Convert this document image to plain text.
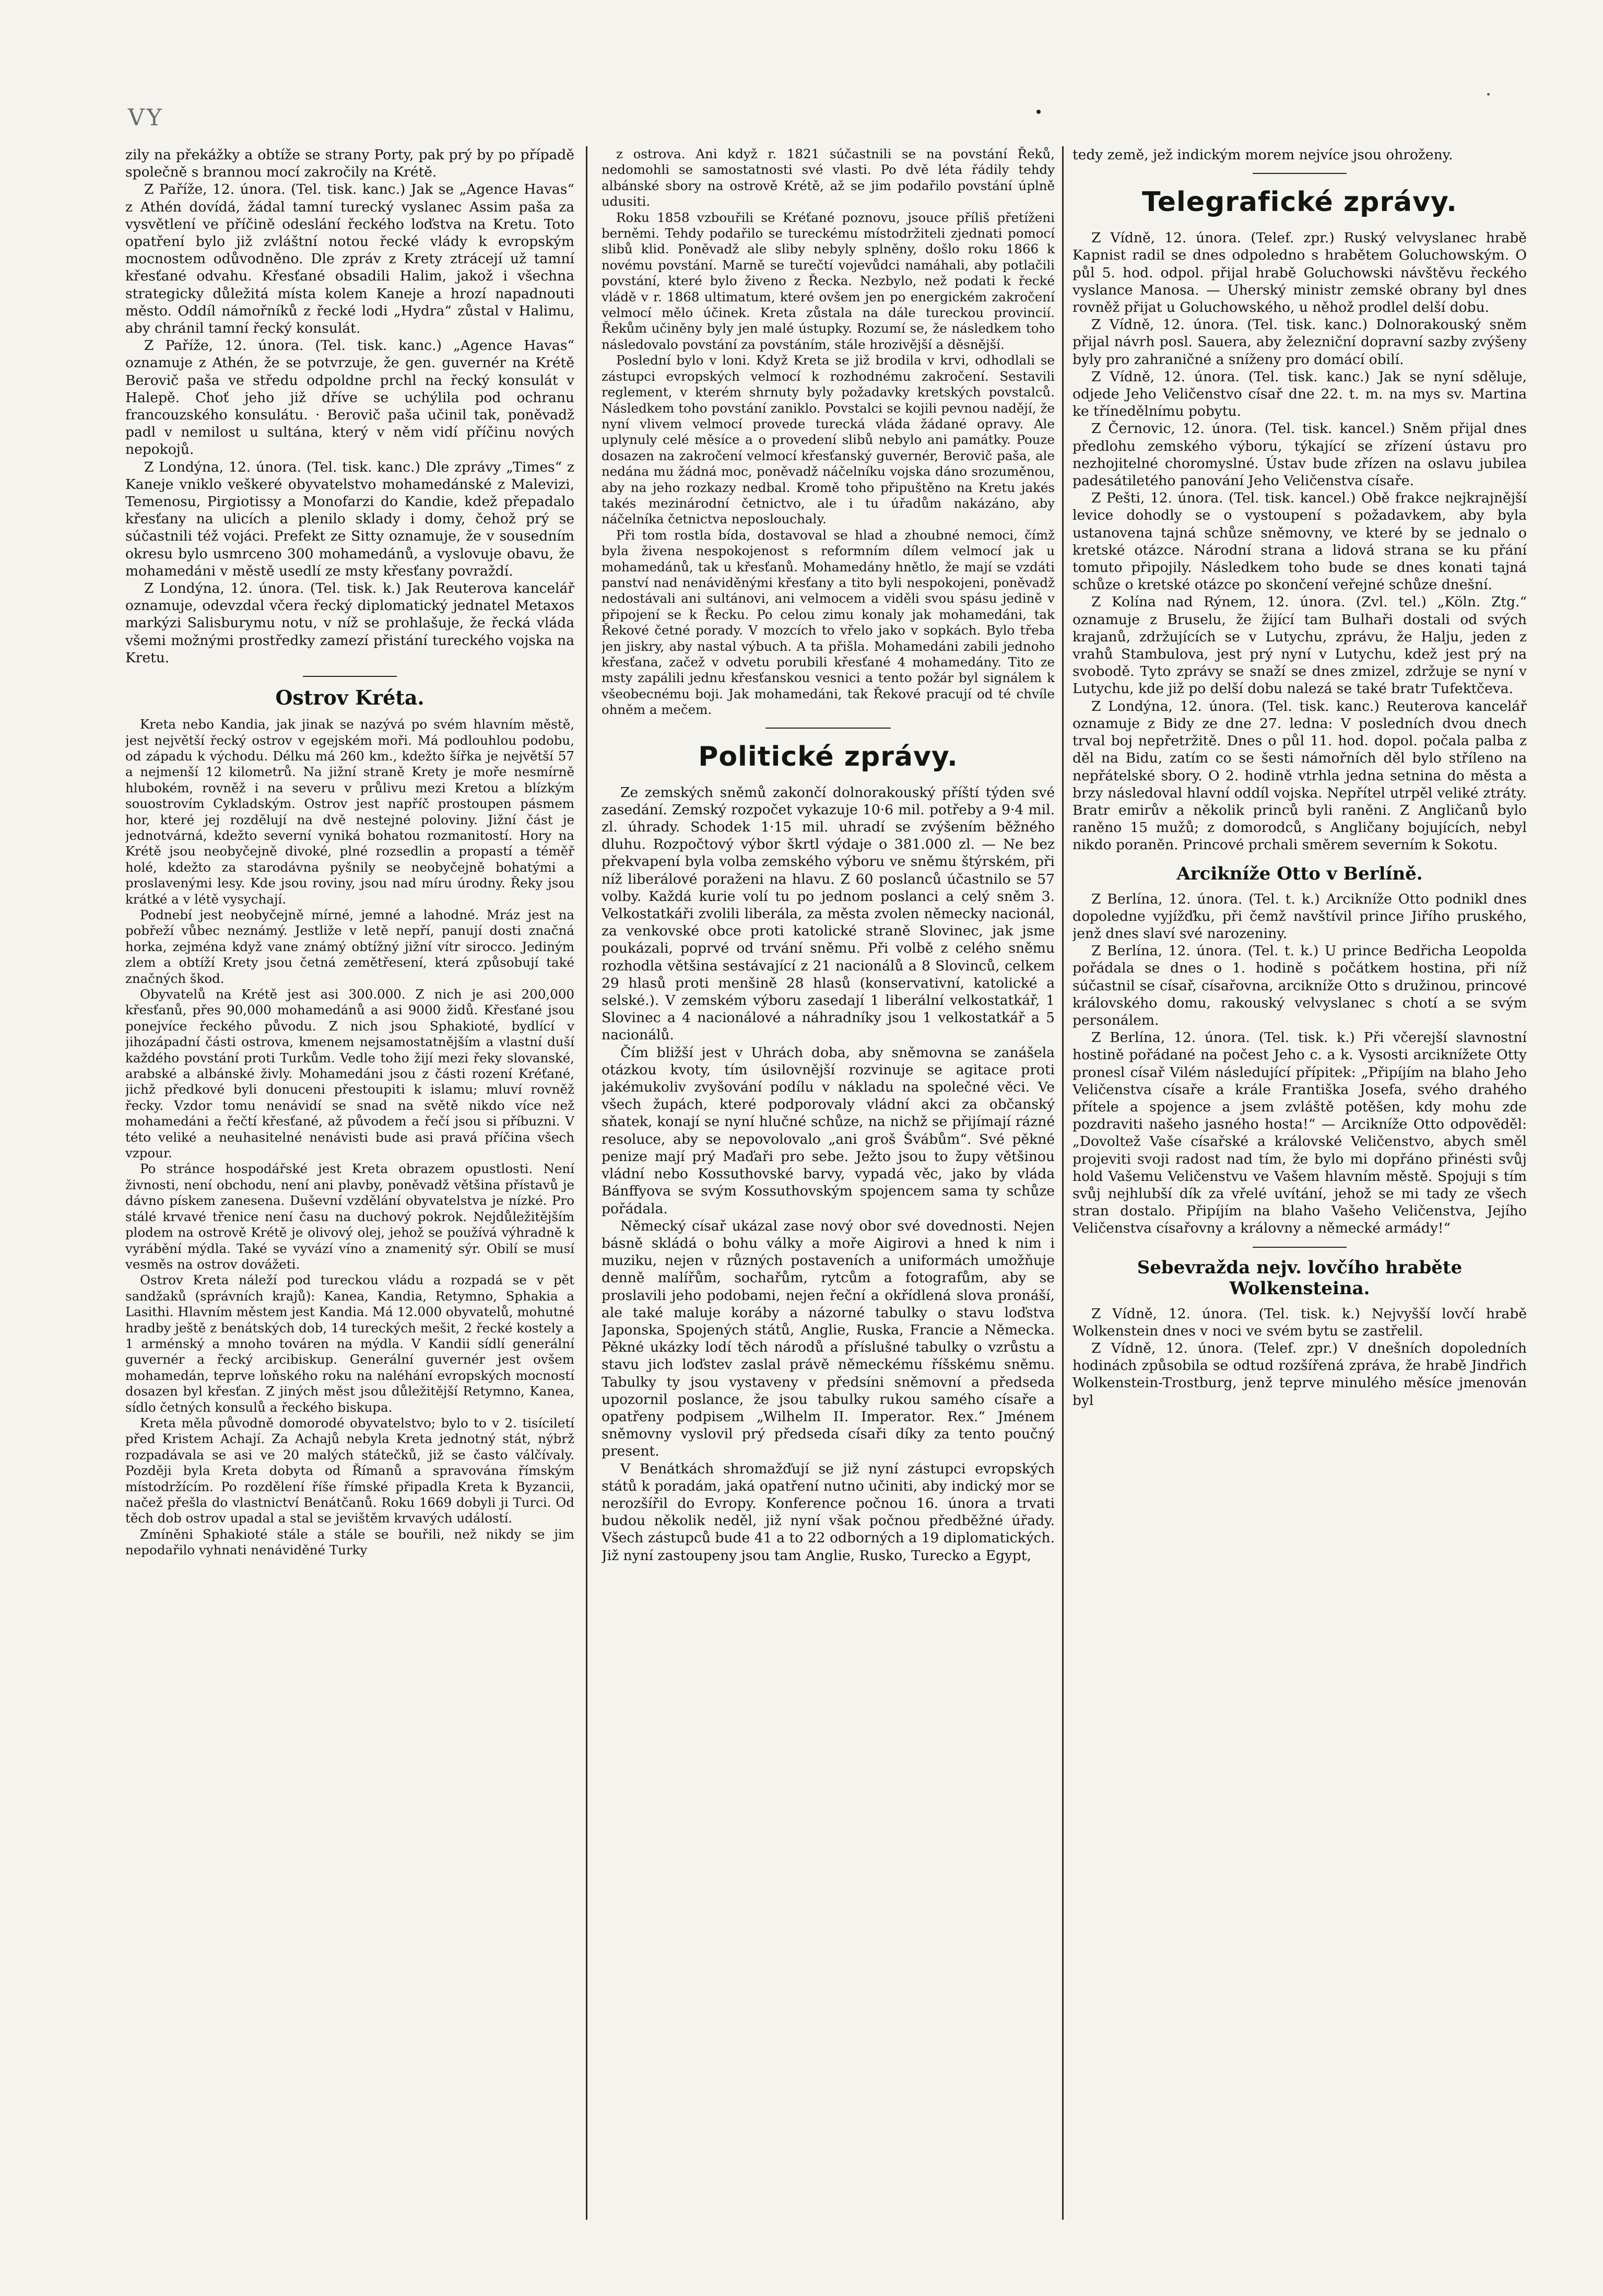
VY

zily na překážky a obtíže se strany Porty, pak prý by po případě společně s brannou mocí zakročily na Krétě.

Z Paříže, 12. února. (Tel. tisk. kanc.) Jak se „Agence Havas“ z Athén dovídá, žádal tamní turecký vyslanec Assim paša za vysvětlení ve příčině odeslání řeckého loďstva na Kretu. Toto opatření bylo již zvláštní notou řecké vlády k evropským mocnostem odůvodněno. Dle zpráv z Krety ztrácejí už tamní křesťané odvahu. Křesťané obsadili Halim, jakož i všechna strategicky důležitá místa kolem Kaneje a hrozí napadnouti město. Oddíl námořníků z řecké lodi „Hydra“ zůstal v Halimu, aby chránil tamní řecký konsulát.

Z Paříže, 12. února. (Tel. tisk. kanc.) „Agence Havas“ oznamuje z Athén, že se potvrzuje, že gen. guvernér na Krétě Berovič paša ve středu odpoldne prchl na řecký konsulát v Halepě. Choť jeho již dříve se uchýlila pod ochranu francouzského konsulátu. · Berovič paša učinil tak, poněvadž padl v nemilost u sultána, který v něm vidí příčinu nových nepokojů.

Z Londýna, 12. února. (Tel. tisk. kanc.) Dle zprávy „Times“ z Kaneje vniklo veškeré obyvatelstvo mohamedánské z Malevizi, Temenosu, Pirgiotissy a Monofarzi do Kandie, kdež přepadalo křesťany na ulicích a plenilo sklady i domy, čehož prý se súčastnili též vojáci. Prefekt ze Sitty oznamuje, že v sousedním okresu bylo usmrceno 300 mohamedánů, a vyslovuje obavu, že mohamedáni v městě usedlí ze msty křesťany povraždí.

Z Londýna, 12. února. (Tel. tisk. k.) Jak Reuterova kancelář oznamuje, odevzdal včera řecký diplomatický jednatel Metaxos markýzi Salisburymu notu, v níž se prohlašuje, že řecká vláda všemi možnými prostředky zamezí přistání tureckého vojska na Kretu.

Ostrov Kréta.

Kreta nebo Kandia, jak jinak se nazývá po svém hlavním městě, jest největší řecký ostrov v egejském moři. Má podlouhlou podobu, od západu k východu. Délku má 260 km., kdežto šířka je největší 57 a nejmenší 12 kilometrů. Na jižní straně Krety je moře nesmírně hlubokém, rovněž i na severu v průlivu mezi Kretou a blízkým souostrovím Cykladským. Ostrov jest napříč prostoupen pásmem hor, které jej rozdělují na dvě nestejné poloviny. Jižní část je jednotvárná, kdežto severní vyniká bohatou rozmanitostí. Hory na Krétě jsou neobyčejně divoké, plné rozsedlin a propastí a téměř holé, kdežto za starodávna pyšnily se neobyčejně bohatými a proslavenými lesy. Kde jsou roviny, jsou nad míru úrodny. Řeky jsou krátké a v létě vysychají.

Podnebí jest neobyčejně mírné, jemné a lahodné. Mráz jest na pobřeží vůbec neznámý. Jestliže v letě nepří, panují dosti značná horka, zejména když vane známý obtížný jižní vítr sirocco. Jediným zlem a obtíží Krety jsou četná zemětřesení, která způsobují také značných škod.

Obyvatelů na Krétě jest asi 300.000. Z nich je asi 200,000 křesťanů, přes 90,000 mohamedánů a asi 9000 židů. Křesťané jsou ponejvíce řeckého původu. Z nich jsou Sphakioté, bydlící v jihozápadní části ostrova, kmenem nejsamostatnějším a vlastní duší každého povstání proti Turkům. Vedle toho žijí mezi řeky slovanské, arabské a albánské živly. Mohamedáni jsou z části rození Kréťané, jichž předkové byli donuceni přestoupiti k islamu; mluví rovněž řecky. Vzdor tomu nenávidí se snad na světě nikdo více než mohamedáni a řečtí křesťané, až původem a řečí jsou si příbuzni. V této veliké a neuhasitelné nenávisti bude asi pravá příčina všech vzpour.

Po stránce hospodářské jest Kreta obrazem opustlosti. Není živnosti, není obchodu, není ani plavby, poněvadž většina přístavů je dávno pískem zanesena. Duševní vzdělání obyvatelstva je nízké. Pro stálé krvavé třenice není času na duchový pokrok. Nejdůležitějším plodem na ostrově Krétě je olivový olej, jehož se používá výhradně k vyrábění mýdla. Také se vyvází víno a znamenitý sýr. Obilí se musí vesměs na ostrov dovážeti.

Ostrov Kreta náleží pod tureckou vládu a rozpadá se v pět sandžaků (správních krajů): Kanea, Kandia, Retymno, Sphakia a Lasithi. Hlavním městem jest Kandia. Má 12.000 obyvatelů, mohutné hradby ještě z benátských dob, 14 tureckých mešit, 2 řecké kostely a 1 arménský a mnoho továren na mýdla. V Kandii sídlí generální guvernér a řecký arcibiskup. Generální guvernér jest ovšem mohamedán, teprve loňského roku na naléhání evropských mocností dosazen byl křesťan. Z jiných měst jsou důležitější Retymno, Kanea, sídlo četných konsulů a řeckého biskupa.

Kreta měla původně domorodé obyvatelstvo; bylo to v 2. tisíciletí před Kristem Achají. Za Achajů nebyla Kreta jednotný stát, nýbrž rozpadávala se asi ve 20 malých státečků, již se často válčívaly. Později byla Kreta dobyta od Římanů a spravována římským místodržícím. Po rozdělení říše římské připadla Kreta k Byzancii, načež přešla do vlastnictví Benátčanů. Roku 1669 dobyli ji Turci. Od těch dob ostrov upadal a stal se jevištěm krvavých událostí.

Zmíněni Sphakioté stále a stále se bouřili, než nikdy se jim nepodařilo vyhnati nenáviděné Turky

z ostrova. Ani když r. 1821 súčastnili se na povstání Řeků, nedomohli se samostatnosti své vlasti. Po dvě léta řádily tehdy albánské sbory na ostrově Krétě, až se jim podařilo povstání úplně udusiti.

Roku 1858 vzbouřili se Kréťané poznovu, jsouce příliš přetíženi berněmi. Tehdy podařilo se tureckému místodržiteli zjednati pomocí slibů klid. Poněvadž ale sliby nebyly splněny, došlo roku 1866 k novému povstání. Marně se turečtí vojevůdci namáhali, aby potlačili povstání, které bylo živeno z Řecka. Nezbylo, než podati k řecké vládě v r. 1868 ultimatum, které ovšem jen po energickém zakročení velmocí mělo účinek. Kreta zůstala na dále tureckou provincií. Řekům učiněny byly jen malé ústupky. Rozumí se, že následkem toho následovalo povstání za povstáním, stále hrozivější a děsnější.

Poslední bylo v loni. Když Kreta se již brodila v krvi, odhodlali se zástupci evropských velmocí k rozhodnému zakročení. Sestavili reglement, v kterém shrnuty byly požadavky kretských povstalců. Následkem toho povstání zaniklo. Povstalci se kojili pevnou nadějí, že nyní vlivem velmocí provede turecká vláda žádané opravy. Ale uplynuly celé měsíce a o provedení slibů nebylo ani památky. Pouze dosazen na zakročení velmocí křesťanský guvernér, Berovič paša, ale nedána mu žádná moc, poněvadž náčelníku vojska dáno srozuměnou, aby na jeho rozkazy nedbal. Kromě toho připuštěno na Kretu jakés takés mezinárodní četnictvo, ale i tu úřadům nakázáno, aby náčelníka četnictva neposlouchaly.

Při tom rostla bída, dostavoval se hlad a zhoubné nemoci, čímž byla živena nespokojenost s reformním dílem velmocí jak u mohamedánů, tak u křesťanů. Mohamedány hnětlo, že mají se vzdáti panství nad nenáviděnými křesťany a tito byli nespokojeni, poněvadž nedostávali ani sultánovi, ani velmocem a viděli svou spásu jedině v připojení se k Řecku. Po celou zimu konaly jak mohamedáni, tak Řekové četné porady. V mozcích to vřelo jako v sopkách. Bylo třeba jen jiskry, aby nastal výbuch. A ta přišla. Mohamedáni zabili jednoho křesťana, začež v odvetu porubili křesťané 4 mohamedány. Tito ze msty zapálili jednu křesťanskou vesnici a tento požár byl signálem k všeobecnému boji. Jak mohamedáni, tak Řekové pracují od té chvíle ohněm a mečem.

Politické zprávy.

Ze zemských sněmů zakončí dolnorakouský příští týden své zasedání. Zemský rozpočet vykazuje 10·6 mil. potřeby a 9·4 mil. zl. úhrady. Schodek 1·15 mil. uhradí se zvýšením běžného dluhu. Rozpočtový výbor škrtl výdaje o 381.000 zl. — Ne bez překvapení byla volba zemského výboru ve sněmu štýrském, při níž liberálové poraženi na hlavu. Z 60 poslanců účastnilo se 57 volby. Každá kurie volí tu po jednom poslanci a celý sněm 3. Velkostatkáři zvolili liberála, za města zvolen německy nacionál, za venkovské obce proti katolické straně Slovinec, jak jsme poukázali, poprvé od trvání sněmu. Při volbě z celého sněmu rozhodla většina sestávající z 21 nacionálů a 8 Slovinců, celkem 29 hlasů proti menšině 28 hlasů (konservativní, katolické a selské.). V zemském výboru zasedají 1 liberální velkostatkář, 1 Slovinec a 4 nacionálové a náhradníky jsou 1 velkostatkář a 5 nacionálů.

Čím bližší jest v Uhrách doba, aby sněmovna se zanášela otázkou kvoty, tím úsilovnější rozvinuje se agitace proti jakémukoliv zvyšování podílu v nákladu na společné věci. Ve všech župách, které podporovaly vládní akci za občanský sňatek, konají se nyní hlučné schůze, na nichž se přijímají rázné resoluce, aby se nepovolovalo „ani groš Švábům“. Své pěkné penize mají prý Maďaři pro sebe. Ježto jsou to župy většinou vládní nebo Kossuthovské barvy, vypadá věc, jako by vláda Bánffyova se svým Kossuthovským spojencem sama ty schůze pořádala.

Německý císař ukázal zase nový obor své dovednosti. Nejen básně skládá o bohu války a moře Aigirovi a hned k nim i muziku, nejen v různých postaveních a uniformách umožňuje denně malířům, sochařům, rytcům a fotografům, aby se proslavili jeho podobami, nejen řeční a okřídlená slova pronáší, ale také maluje koráby a názorné tabulky o stavu loďstva Japonska, Spojených států, Anglie, Ruska, Francie a Německa. Pěkné ukázky lodí těch národů a příslušné tabulky o vzrůstu a stavu jich loďstev zaslal právě německému říšskému sněmu. Tabulky ty jsou vystaveny v předsíni sněmovní a předseda upozornil poslance, že jsou tabulky rukou samého císaře a opatřeny podpisem „Wilhelm II. Imperator. Rex.“ Jménem sněmovny vyslovil prý předseda císaři díky za tento poučný present.

V Benátkách shromažďují se již nyní zástupci evropských států k poradám, jaká opatření nutno učiniti, aby indický mor se nerozšířil do Evropy. Konference počnou 16. února a trvati budou několik neděl, již nyní však počnou předběžné úřady. Všech zástupců bude 41 a to 22 odborných a 19 diplomatických. Již nyní zastoupeny jsou tam Anglie, Rusko, Turecko a Egypt,

tedy země, jež indickým morem nejvíce jsou ohroženy.

Telegrafické zprávy.

Z Vídně, 12. února. (Telef. zpr.) Ruský velvyslanec hrabě Kapnist radil se dnes odpoledno s hrabětem Goluchowským. O půl 5. hod. odpol. přijal hrabě Goluchowski návštěvu řeckého vyslance Manosa. — Uherský ministr zemské obrany byl dnes rovněž přijat u Goluchowského, u něhož prodlel delší dobu.

Z Vídně, 12. února. (Tel. tisk. kanc.) Dolnorakouský sněm přijal návrh posl. Sauera, aby železniční dopravní sazby zvýšeny byly pro zahraničné a sníženy pro domácí obilí.

Z Vídně, 12. února. (Tel. tisk. kanc.) Jak se nyní sděluje, odjede Jeho Veličenstvo císař dne 22. t. m. na mys sv. Martina ke třínedělnímu pobytu.

Z Černovic, 12. února. (Tel. tisk. kancel.) Sněm přijal dnes předlohu zemského výboru, týkající se zřízení ústavu pro nezhojitelné choromyslné. Ústav bude zřízen na oslavu jubilea padesátiletého panování Jeho Veličenstva císaře.

Z Pešti, 12. února. (Tel. tisk. kancel.) Obě frakce nejkrajnější levice dohodly se o vystoupení s požadavkem, aby byla ustanovena tajná schůze sněmovny, ve které by se jednalo o kretské otázce. Národní strana a lidová strana se ku přání tomuto připojily. Následkem toho bude se dnes konati tajná schůze o kretské otázce po skončení veřejné schůze dnešní.

Z Kolína nad Rýnem, 12. února. (Zvl. tel.) „Köln. Ztg.“ oznamuje z Bruselu, že žijící tam Bulhaři dostali od svých krajanů, zdržujících se v Lutychu, zprávu, že Halju, jeden z vrahů Stambulova, jest prý nyní v Lutychu, kdež jest prý na svobodě. Tyto zprávy se snaží se dnes zmizel, zdržuje se nyní v Lutychu, kde již po delší dobu nalezá se také bratr Tufektčeva.

Z Londýna, 12. února. (Tel. tisk. kanc.) Reuterova kancelář oznamuje z Bidy ze dne 27. ledna: V posledních dvou dnech trval boj nepřetržitě. Dnes o půl 11. hod. dopol. počala palba z děl na Bidu, zatím co se šesti námořních děl bylo stříleno na nepřátelské sbory. O 2. hodině vtrhla jedna setnina do města a brzy následoval hlavní oddíl vojska. Nepřítel utrpěl veliké ztráty. Bratr emirův a několik princů byli raněni. Z Angličanů bylo raněno 15 mužů; z domorodců, s Angličany bojujících, nebyl nikdo poraněn. Princové prchali směrem severním k Sokotu.

Arcikníže Otto v Berlíně.

Z Berlína, 12. února. (Tel. t. k.) Arcikníže Otto podnikl dnes dopoledne vyjížďku, při čemž navštívil prince Jiřího pruského, jenž dnes slaví své narozeniny.

Z Berlína, 12. února. (Tel. t. k.) U prince Bedřicha Leopolda pořádala se dnes o 1. hodině s počátkem hostina, při níž súčastnil se císař, císařovna, arcikníže Otto s družinou, princové královského domu, rakouský velvyslanec s chotí a se svým personálem.

Z Berlína, 12. února. (Tel. tisk. k.) Při včerejší slavnostní hostině pořádané na počest Jeho c. a k. Vysosti arciknížete Otty pronesl císař Vilém následující přípitek: „Připíjím na blaho Jeho Veličenstva císaře a krále Františka Josefa, svého drahého přítele a spojence a jsem zvláště potěšen, kdy mohu zde pozdraviti našeho jasného hosta!“ — Arcikníže Otto odpověděl: „Dovoltež Vaše císařské a královské Veličenstvo, abych směl projeviti svoji radost nad tím, že bylo mi dopřáno přinésti svůj hold Vašemu Veličenstvu ve Vašem hlavním městě. Spojuji s tím svůj nejhlubší dík za vřelé uvítání, jehož se mi tady ze všech stran dostalo. Připíjím na blaho Vašeho Veličenstva, Jejího Veličenstva císařovny a královny a německé armády!“

Sebevražda nejv. lovčího hraběte Wolkensteina.

Z Vídně, 12. února. (Tel. tisk. k.) Nejvyšší lovčí hrabě Wolkenstein dnes v noci ve svém bytu se zastřelil.

Z Vídně, 12. února. (Telef. zpr.) V dnešních dopoledních hodinách způsobila se odtud rozšířená zpráva, že hrabě Jindřich Wolkenstein-Trostburg, jenž teprve minulého měsíce jmenován byl
